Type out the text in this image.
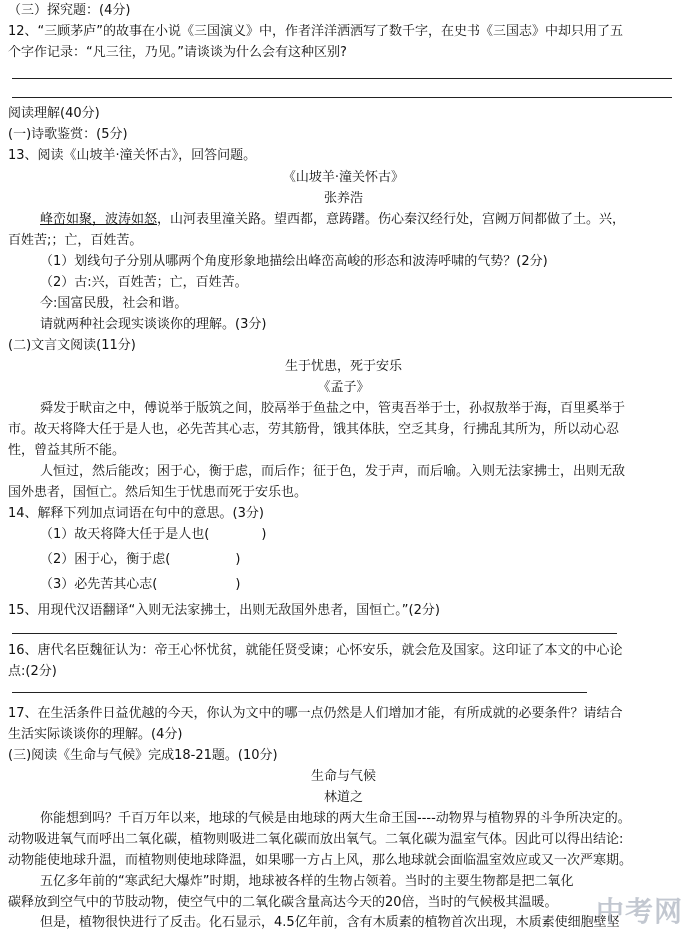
（三）探究题：(4分)
12、“三顾茅庐”的故事在小说《三国演义》中，作者洋洋洒洒写了数千字，在史书《三国志》中却只用了五
个字作记录：“凡三往，乃见。”请谈谈为什么会有这种区别?
阅读理解(40分)
(一)诗歌鉴赏：(5分)
13、阅读《山坡羊·潼关怀古》，回答问题。
《山坡羊·潼关怀古》
张养浩
峰峦如聚，波涛如怒，山河表里潼关路。望西都，意踌躇。伤心秦汉经行处，宫阙万间都做了土。兴，
百姓苦;；亡，百姓苦。
（1）划线句子分别从哪两个角度形象地描绘出峰峦高峻的形态和波涛呼啸的气势？(2分)
（2）古:兴，百姓苦；亡，百姓苦。
今:国富民殷，社会和谐。
请就两种社会现实谈谈你的理解。(3分)
(二)文言文阅读(11分)
生于忧患，死于安乐
《孟子》
舜发于畎亩之中，傅说举于版筑之间，胶鬲举于鱼盐之中，管夷吾举于士，孙叔敖举于海，百里奚举于
市。故天将降大任于是人也，必先苦其心志，劳其筋骨，饿其体肤，空乏其身，行拂乱其所为，所以动心忍
性，曾益其所不能。
人恒过，然后能改；困于心，衡于虑，而后作；征于色，发于声，而后喻。入则无法家拂士，出则无敌
国外患者，国恒亡。然后知生于忧患而死于安乐也。
14、解释下列加点词语在句中的意思。(3分)
（1）故天将降大任于是人也(　　　　)
（2）困于心，衡于虑(　　　　　)
（3）必先苦其心志(　　　　　　)
15、用现代汉语翻译“入则无法家拂士，出则无敌国外患者，国恒亡。”(2分)
16、唐代名臣魏征认为：帝王心怀忧贫，就能任贤受谏；心怀安乐，就会危及国家。这印证了本文的中心论
点:(2分)
17、在生活条件日益优越的今天，你认为文中的哪一点仍然是人们增加才能，有所成就的必要条件？请结合
生活实际谈谈你的理解。(4分)
(三)阅读《生命与气候》完成18-21题。(10分)
生命与气候
林道之
你能想到吗？千百万年以来，地球的气候是由地球的两大生命王国----动物界与植物界的斗争所决定的。
动物吸进氧气而呼出二氧化碳，植物则吸进二氧化碳而放出氧气。二氧化碳为温室气体。因此可以得出结论:
动物能使地球升温，而植物则使地球降温，如果哪一方占上风，那么地球就会面临温室效应或又一次严寒期。
五亿多年前的“寒武纪大爆炸”时期，地球被各样的生物占领着。当时的主要生物都是把二氧化
碳释放到空气中的节肢动物，使空气中的二氧化碳含量高达今天的20倍，当时的气候极其温暖。
但是，植物很快进行了反击。化石显示，4.5亿年前，含有木质素的植物首次出现，木质素使细胞壁坚
中考网
